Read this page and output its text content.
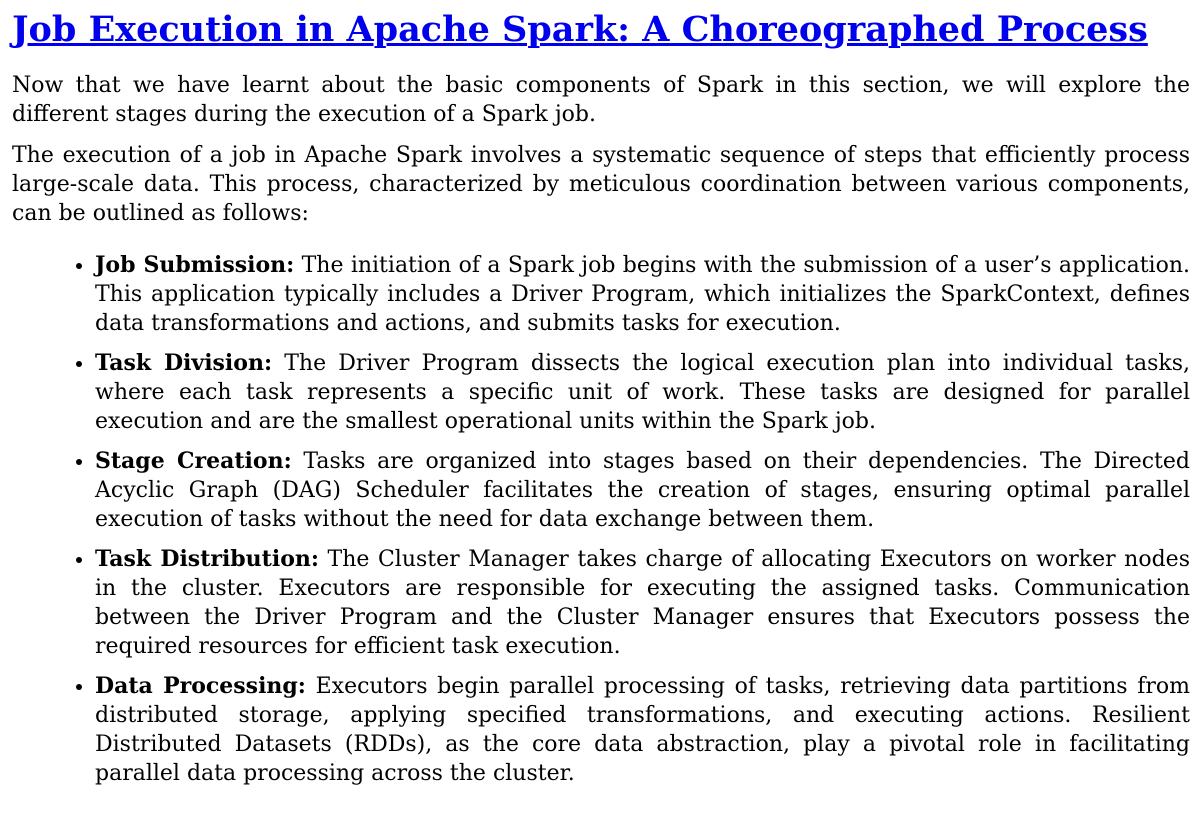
Job Execution in Apache Spark: A Choreographed Process

Now that we have learnt about the basic components of Spark in this section, we will explore the different stages during the execution of a Spark job.

The execution of a job in Apache Spark involves a systematic sequence of steps that efficiently process large-scale data. This process, characterized by meticulous coordination between various components, can be outlined as follows:

• Job Submission: The initiation of a Spark job begins with the submission of a user’s application. This application typically includes a Driver Program, which initializes the SparkContext, defines data transformations and actions, and submits tasks for execution.
• Task Division: The Driver Program dissects the logical execution plan into individual tasks, where each task represents a specific unit of work. These tasks are designed for parallel execution and are the smallest operational units within the Spark job.
• Stage Creation: Tasks are organized into stages based on their dependencies. The Directed Acyclic Graph (DAG) Scheduler facilitates the creation of stages, ensuring optimal parallel execution of tasks without the need for data exchange between them.
• Task Distribution: The Cluster Manager takes charge of allocating Executors on worker nodes in the cluster. Executors are responsible for executing the assigned tasks. Communication between the Driver Program and the Cluster Manager ensures that Executors possess the required resources for efficient task execution.
• Data Processing: Executors begin parallel processing of tasks, retrieving data partitions from distributed storage, applying specified transformations, and executing actions. Resilient Distributed Datasets (RDDs), as the core data abstraction, play a pivotal role in facilitating parallel data processing across the cluster.
